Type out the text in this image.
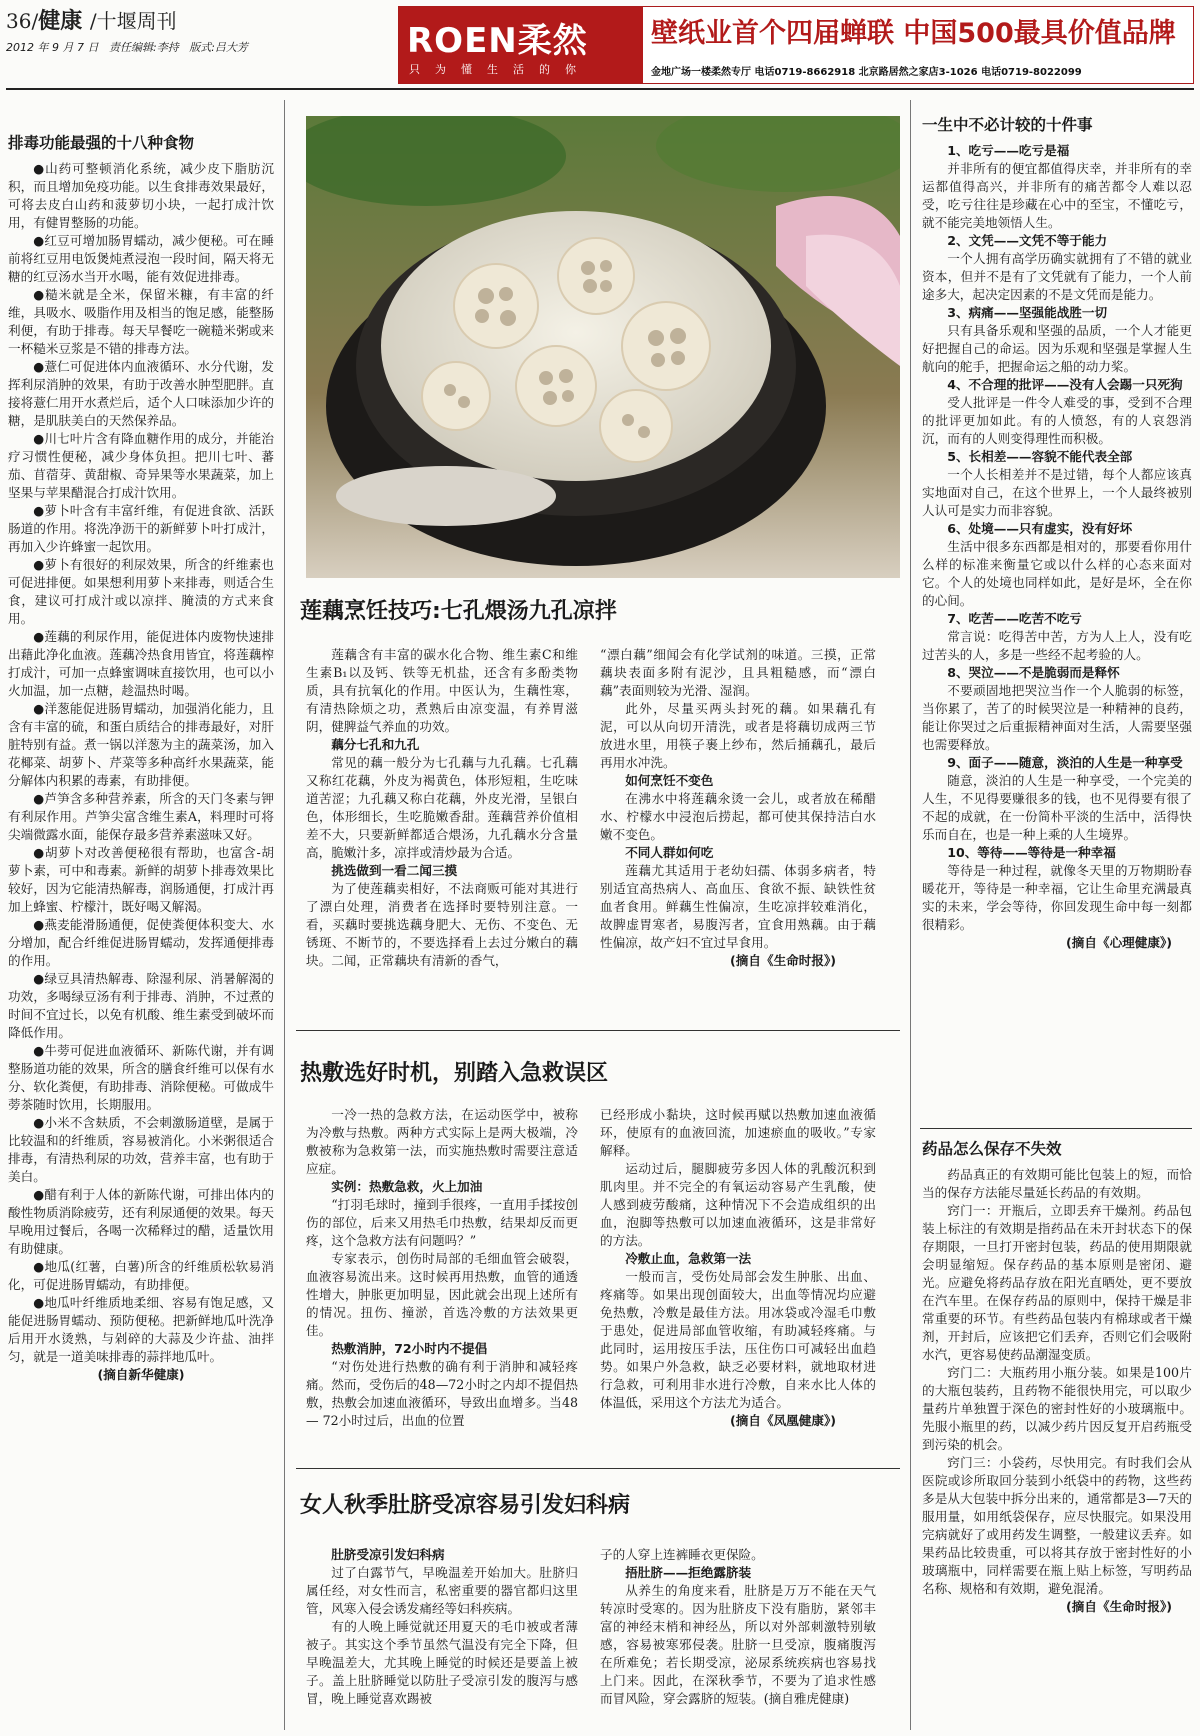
36/健康 /十堰周刊
2012 年 9 月 7 日 责任编辑:李持 版式:吕大芳	ROEN柔然
只为懂生活的你
壁纸业首个四届蝉联 中国500最具价值品牌
金地广场一楼柔然专厅 电话0719-8662918 北京路居然之家店3-1026 电话0719-8022099
排毒功能最强的十八种食物

●山药可整顿消化系统，减少皮下脂肪沉积，而且增加免疫功能。以生食排毒效果最好，可将去皮白山药和菠萝切小块，一起打成汁饮用，有健胃整肠的功能。

●红豆可增加肠胃蠕动，减少便秘。可在睡前将红豆用电饭煲炖煮浸泡一段时间，隔天将无糖的红豆汤水当开水喝，能有效促进排毒。

●糙米就是全米，保留米糠，有丰富的纤维，具吸水、吸脂作用及相当的饱足感，能整肠利便，有助于排毒。每天早餐吃一碗糙米粥或来一杯糙米豆浆是不错的排毒方法。

●薏仁可促进体内血液循环、水分代谢，发挥利尿消肿的效果，有助于改善水肿型肥胖。直接将薏仁用开水煮烂后，适个人口味添加少许的糖，是肌肤美白的天然保养品。

●川七叶片含有降血糖作用的成分，并能治疗习惯性便秘，减少身体负担。把川七叶、蕃茄、苜蓿芽、黄甜椒、奇异果等水果蔬菜，加上坚果与苹果醋混合打成汁饮用。

●萝卜叶含有丰富纤维，有促进食欲、活跃肠道的作用。将洗净沥干的新鲜萝卜叶打成汁，再加入少许蜂蜜一起饮用。

●萝卜有很好的利尿效果，所含的纤维素也可促进排便。如果想利用萝卜来排毒，则适合生食，建议可打成汁或以凉拌、腌渍的方式来食用。

●莲藕的利尿作用，能促进体内废物快速排出藉此净化血液。莲藕冷热食用皆宜，将莲藕榨打成汁，可加一点蜂蜜调味直接饮用，也可以小火加温，加一点糖，趁温热时喝。

●洋葱能促进肠胃蠕动，加强消化能力，且含有丰富的硫，和蛋白质结合的排毒最好，对肝脏特别有益。煮一锅以洋葱为主的蔬菜汤，加入花椰菜、胡萝卜、芹菜等多种高纤水果蔬菜，能分解体内积累的毒素，有助排便。

●芦笋含多种营养素，所含的天门冬素与钾有利尿作用。芦笋尖富含维生素A，料理时可将尖端微露水面，能保存最多营养素滋味又好。

●胡萝卜对改善便秘很有帮助，也富含-胡萝卜素，可中和毒素。新鲜的胡萝卜排毒效果比较好，因为它能清热解毒，润肠通便，打成汁再加上蜂蜜、柠檬汁，既好喝又解渴。

●燕麦能滑肠通便，促使粪便体积变大、水分增加，配合纤维促进肠胃蠕动，发挥通便排毒的作用。

●绿豆具清热解毒、除湿利尿、消暑解渴的功效，多喝绿豆汤有利于排毒、消肿，不过煮的时间不宜过长，以免有机酸、维生素受到破坏而降低作用。

●牛蒡可促进血液循环、新陈代谢，并有调整肠道功能的效果，所含的膳食纤维可以保有水分、软化粪便，有助排毒、消除便秘。可做成牛蒡茶随时饮用，长期服用。

●小米不含麸质，不会刺激肠道壁，是属于比较温和的纤维质，容易被消化。小米粥很适合排毒，有清热利尿的功效，营养丰富，也有助于美白。

●醋有利于人体的新陈代谢，可排出体内的酸性物质消除疲劳，还有利尿通便的效果。每天早晚用过餐后，各喝一次稀释过的醋，适量饮用有助健康。

●地瓜(红薯，白薯)所含的纤维质松软易消化，可促进肠胃蠕动，有助排便。

●地瓜叶纤维质地柔细、容易有饱足感，又能促进肠胃蠕动、预防便秘。把新鲜地瓜叶洗净后用开水烫熟，与剁碎的大蒜及少许盐、油拌匀，就是一道美味排毒的蒜拌地瓜叶。

(摘自新华健康)

莲藕烹饪技巧:七孔煨汤九孔凉拌

莲藕含有丰富的碳水化合物、维生素C和维生素B₁以及钙、铁等无机盐，还含有多酚类物质，具有抗氧化的作用。中医认为，生藕性寒，有清热除烦之功，煮熟后由凉变温，有养胃滋阴，健脾益气养血的功效。

藕分七孔和九孔

常见的藕一般分为七孔藕与九孔藕。七孔藕又称红花藕，外皮为褐黄色，体形短粗，生吃味道苦涩；九孔藕又称白花藕，外皮光滑，呈银白色，体形细长，生吃脆嫩香甜。莲藕营养价值相差不大，只要新鲜都适合煨汤，九孔藕水分含量高，脆嫩汁多，凉拌或清炒最为合适。

挑选做到一看二闻三摸

为了使莲藕卖相好，不法商贩可能对其进行了漂白处理，消费者在选择时要特别注意。一看，买藕时要挑选藕身肥大、无伤、不变色、无锈斑、不断节的，不要选择看上去过分嫩白的藕块。二闻，正常藕块有清新的香气，

“漂白藕”细闻会有化学试剂的味道。三摸，正常藕块表面多附有泥沙，且具粗糙感，而“漂白藕”表面则较为光滑、湿润。

此外，尽量买两头封死的藕。如果藕孔有泥，可以从向切开清洗，或者是将藕切成两三节放进水里，用筷子裹上纱布，然后捅藕孔，最后再用水冲洗。

如何烹饪不变色

在沸水中将莲藕氽烫一会儿，或者放在稀醋水、柠檬水中浸泡后捞起，都可使其保持洁白水嫩不变色。

不同人群如何吃

莲藕尤其适用于老幼妇孺、体弱多病者，特别适宜高热病人、高血压、食欲不振、缺铁性贫血者食用。鲜藕生性偏凉，生吃凉拌较难消化，故脾虚胃寒者，易腹泻者，宜食用熟藕。由于藕性偏凉，故产妇不宜过早食用。

(摘自《生命时报》)

热敷选好时机，别踏入急救误区

一冷一热的急救方法，在运动医学中，被称为冷敷与热敷。两种方式实际上是两大极端，冷敷被称为急救第一法，而实施热敷时需要注意适应症。

实例：热敷急救，火上加油

“打羽毛球时，撞到手很疼，一直用手揉按创伤的部位，后来又用热毛巾热敷，结果却反而更疼，这个急救方法有问题吗？”

专家表示，创伤时局部的毛细血管会破裂，血液容易流出来。这时候再用热敷，血管的通透性增大，肿胀更加明显，因此就会出现上述所有的情况。扭伤、撞淤，首选冷敷的方法效果更佳。

热敷消肿，72小时内不提倡

“对伤处进行热敷的确有利于消肿和减轻疼痛。然而，受伤后的48—72小时之内却不提倡热敷，热敷会加速血液循环，导致出血增多。当48— 72小时过后，出血的位置

已经形成小黏块，这时候再赋以热敷加速血液循环，使原有的血液回流，加速瘀血的吸收。”专家解释。

运动过后，腿脚疲劳多因人体的乳酸沉积到肌肉里。并不完全的有氧运动容易产生乳酸，使人感到疲劳酸痛，这种情况下不会造成组织的出血，泡脚等热敷可以加速血液循环，这是非常好的方法。

冷敷止血，急救第一法

一般而言，受伤处局部会发生肿胀、出血、疼痛等。如果出现创面较大，出血等情况均应避免热敷，冷敷是最佳方法。用冰袋或冷湿毛巾敷于患处，促进局部血管收缩，有助减轻疼痛。与此同时，运用按压手法，压住伤口可减轻出血趋势。如果户外急救，缺乏必要材料，就地取材进行急救，可利用非水进行冷敷，自来水比人体的体温低，采用这个方法尤为适合。

(摘自《凤凰健康》)

女人秋季肚脐受凉容易引发妇科病

肚脐受凉引发妇科病

过了白露节气，早晚温差开始加大。肚脐归属任经，对女性而言，私密重要的器官都归这里管，风寒入侵会诱发痛经等妇科疾病。

有的人晚上睡觉就还用夏天的毛巾被或者薄被子。其实这个季节虽然气温没有完全下降，但早晚温差大，尤其晚上睡觉的时候还是要盖上被子。盖上肚脐睡觉以防肚子受凉引发的腹泻与感冒，晚上睡觉喜欢踢被

子的人穿上连裤睡衣更保险。

捂肚脐——拒绝露脐装

从养生的角度来看，肚脐是万万不能在天气转凉时受寒的。因为肚脐皮下没有脂肪，紧邻丰富的神经末梢和神经丛，所以对外部刺激特别敏感，容易被寒邪侵袭。肚脐一旦受凉，腹痛腹泻在所难免；若长期受凉，泌尿系统疾病也容易找上门来。因此，在深秋季节，不要为了追求性感而冒风险，穿会露脐的短装。(摘自雅虎健康)

一生中不必计较的十件事

1、吃亏——吃亏是福

并非所有的便宜都值得庆幸，并非所有的幸运都值得高兴，并非所有的痛苦都令人难以忍受，吃亏往往是珍藏在心中的至宝，不懂吃亏，就不能完美地领悟人生。

2、文凭——文凭不等于能力

一个人拥有高学历确实就拥有了不错的就业资本，但并不是有了文凭就有了能力，一个人前途多大，起决定因素的不是文凭而是能力。

3、病痛——坚强能战胜一切

只有具备乐观和坚强的品质，一个人才能更好把握自己的命运。因为乐观和坚强是掌握人生航向的舵手，把握命运之船的动力桨。

4、不合理的批评——没有人会踢一只死狗

受人批评是一件令人难受的事，受到不合理的批评更加如此。有的人愤怒，有的人哀怨消沉，而有的人则变得理性而积极。

5、长相差——容貌不能代表全部

一个人长相差并不是过错，每个人都应该真实地面对自己，在这个世界上，一个人最终被别人认可是实力而非容貌。

6、处境——只有虚实，没有好坏

生活中很多东西都是相对的，那要看你用什么样的标准来衡量它或以什么样的心态来面对它。个人的处境也同样如此，是好是坏，全在你的心间。

7、吃苦——吃苦不吃亏

常言说：吃得苦中苦，方为人上人，没有吃过苦头的人，多是一些经不起考验的人。

8、哭泣——不是脆弱而是释怀

不要顽固地把哭泣当作一个人脆弱的标签，当你累了，苦了的时候哭泣是一种精神的良药，能让你哭过之后重振精神面对生活，人需要坚强也需要释放。

9、面子——随意，淡泊的人生是一种享受

随意，淡泊的人生是一种享受，一个完美的人生，不见得要赚很多的钱，也不见得要有很了不起的成就，在一份简朴平淡的生活中，活得快乐而自在，也是一种上乘的人生境界。

10、等待——等待是一种幸福

等待是一种过程，就像冬天里的万物期盼春暖花开，等待是一种幸福，它让生命里充满最真实的未来，学会等待，你回发现生命中每一刻都很精彩。

(摘自《心理健康》)

药品怎么保存不失效

药品真正的有效期可能比包装上的短，而恰当的保存方法能尽量延长药品的有效期。

窍门一：开瓶后，立即丢弃干燥剂。药品包装上标注的有效期是指药品在未开封状态下的保存期限，一旦打开密封包装，药品的使用期限就会明显缩短。保存药品的基本原则是密闭、避光。应避免将药品存放在阳光直晒处，更不要放在汽车里。在保存药品的原则中，保持干燥是非常重要的环节。有些药品包装内有棉球或者干燥剂，开封后，应该把它们丢弃，否则它们会吸附水汽，更容易使药品潮湿变质。

窍门二：大瓶药用小瓶分装。如果是100片的大瓶包装药，且药物不能很快用完，可以取少量药片单独置于深色的密封性好的小玻璃瓶中。先服小瓶里的药，以减少药片因反复开启药瓶受到污染的机会。

窍门三：小袋药，尽快用完。有时我们会从医院或诊所取回分装到小纸袋中的药物，这些药多是从大包装中拆分出来的，通常都是3—7天的服用量，如用纸袋保存，应尽快服完。如果没用完病就好了或用药发生调整，一般建议丢弃。如果药品比较贵重，可以将其存放于密封性好的小玻璃瓶中，同样需要在瓶上贴上标签，写明药品名称、规格和有效期，避免混淆。

(摘自《生命时报》)
